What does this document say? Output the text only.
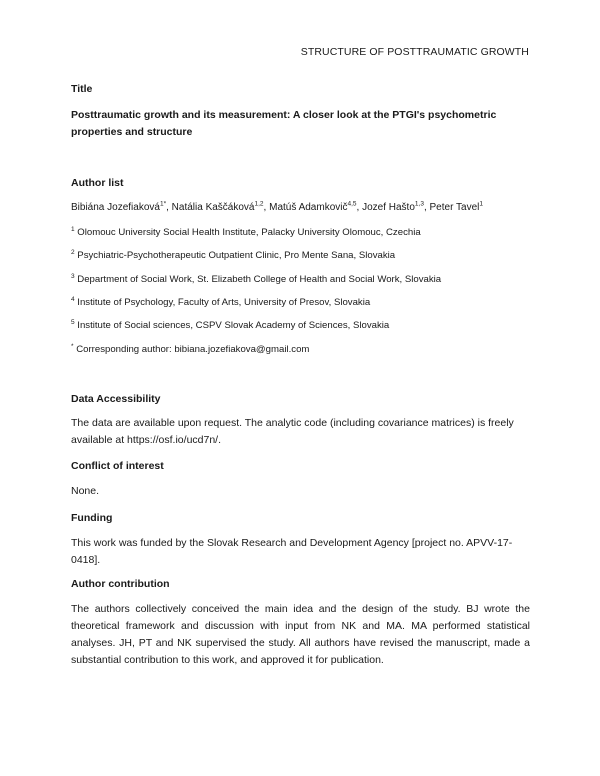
STRUCTURE OF POSTTRAUMATIC GROWTH
Title
Posttraumatic growth and its measurement: A closer look at the PTGI's psychometric properties and structure
Author list
Bibiána Jozefiaková$^{1*}$, Natália Kaščáková$^{1,2}$, Matúš Adamkovič$^{4,5}$, Jozef Haštо$^{1,3}$, Peter Tavel$^1$
$^1$ Olomouc University Social Health Institute, Palacky University Olomouc, Czechia
$^2$ Psychiatric-Psychotherapeutic Outpatient Clinic, Pro Mente Sana, Slovakia
$^3$ Department of Social Work, St. Elizabeth College of Health and Social Work, Slovakia
$^4$ Institute of Psychology, Faculty of Arts, University of Presov, Slovakia
$^5$ Institute of Social sciences, CSPV Slovak Academy of Sciences, Slovakia
* Corresponding author: bibiana.jozefiakova@gmail.com
Data Accessibility
The data are available upon request. The analytic code (including covariance matrices) is freely available at https://osf.io/ucd7n/.
Conflict of interest
None.
Funding
This work was funded by the Slovak Research and Development Agency [project no. APVV-17-0418].
Author contribution
The authors collectively conceived the main idea and the design of the study. BJ wrote the theoretical framework and discussion with input from NK and MA. MA performed statistical analyses. JH, PT and NK supervised the study. All authors have revised the manuscript, made a substantial contribution to this work, and approved it for publication.
